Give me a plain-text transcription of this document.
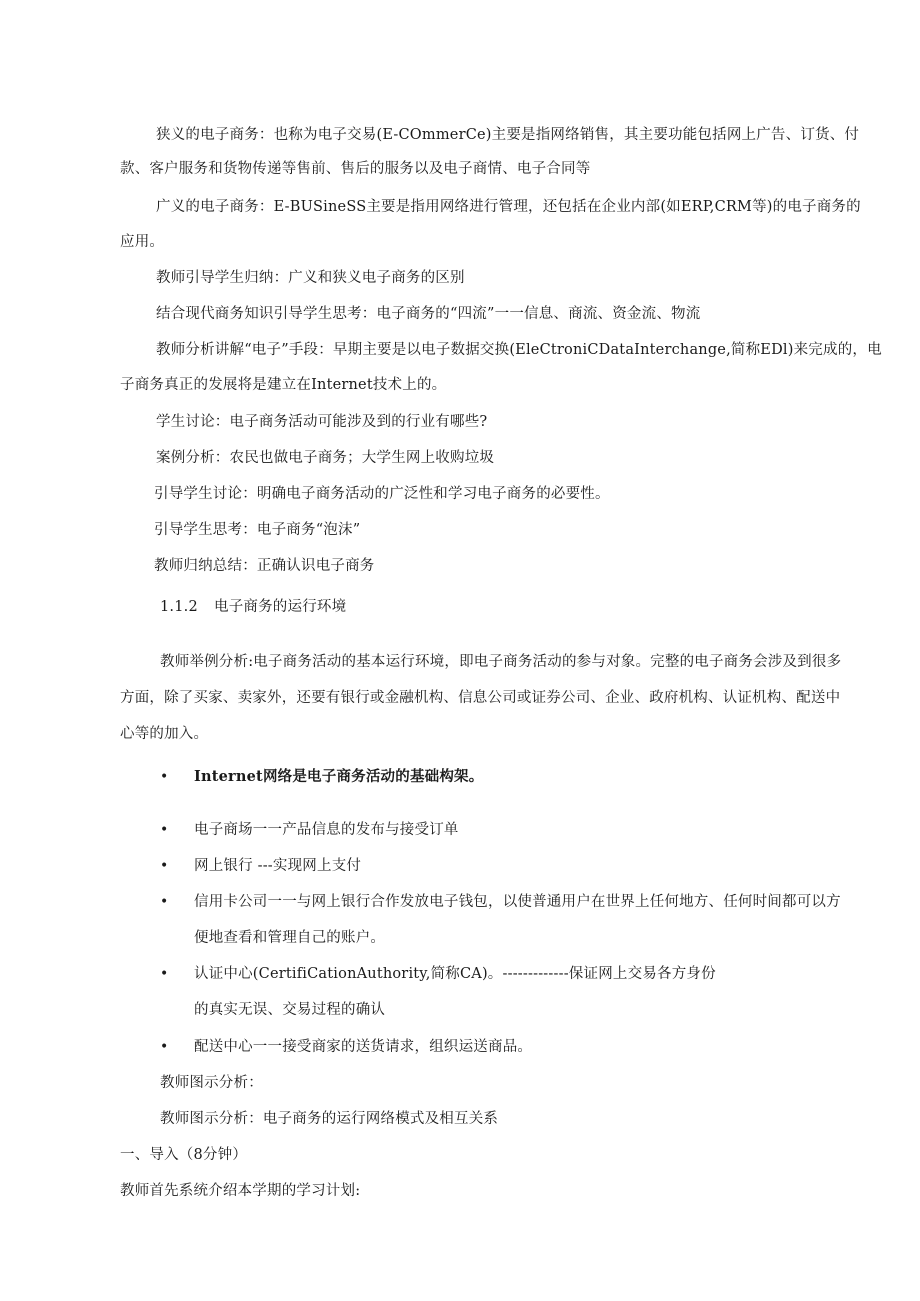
狭义的电子商务：也称为电子交易(E-COmmerCe)主要是指网络销售，其主要功能包括网上广告、订货、付
款、客户服务和货物传递等售前、售后的服务以及电子商情、电子合同等
广义的电子商务：E-BUSineSS主要是指用网络进行管理，还包括在企业内部(如ERP,CRM等)的电子商务的
应用。
教师引导学生归纳：广义和狭义电子商务的区别
结合现代商务知识引导学生思考：电子商务的“四流”一一信息、商流、资金流、物流
教师分析讲解“电子”手段：早期主要是以电子数据交换(EleCtroniCDataInterchange,简称EDl)来完成的，电
子商务真正的发展将是建立在Internet技术上的。
学生讨论：电子商务活动可能涉及到的行业有哪些?
案例分析：农民也做电子商务；大学生网上收购垃圾
引导学生讨论：明确电子商务活动的广泛性和学习电子商务的必要性。
引导学生思考：电子商务“泡沫”
教师归纳总结：正确认识电子商务
1.1.2 电子商务的运行环境
教师举例分析:电子商务活动的基本运行环境，即电子商务活动的参与对象。完整的电子商务会涉及到很多
方面，除了买家、卖家外，还要有银行或金融机构、信息公司或证券公司、企业、政府机构、认证机构、配送中
心等的加入。
• Internet网络是电子商务活动的基础构架。
• 电子商场一一产品信息的发布与接受订单
• 网上银行 ---实现网上支付
• 信用卡公司一一与网上银行合作发放电子钱包，以使普通用户在世界上任何地方、任何时间都可以方
便地查看和管理自己的账户。
• 认证中心(CertifiCationAuthority,简称CA)。-------------保证网上交易各方身份
的真实无误、交易过程的确认
• 配送中心一一接受商家的送货请求，组织运送商品。
教师图示分析：
教师图示分析：电子商务的运行网络模式及相互关系
一、导入（8分钟）
教师首先系统介绍本学期的学习计划:
